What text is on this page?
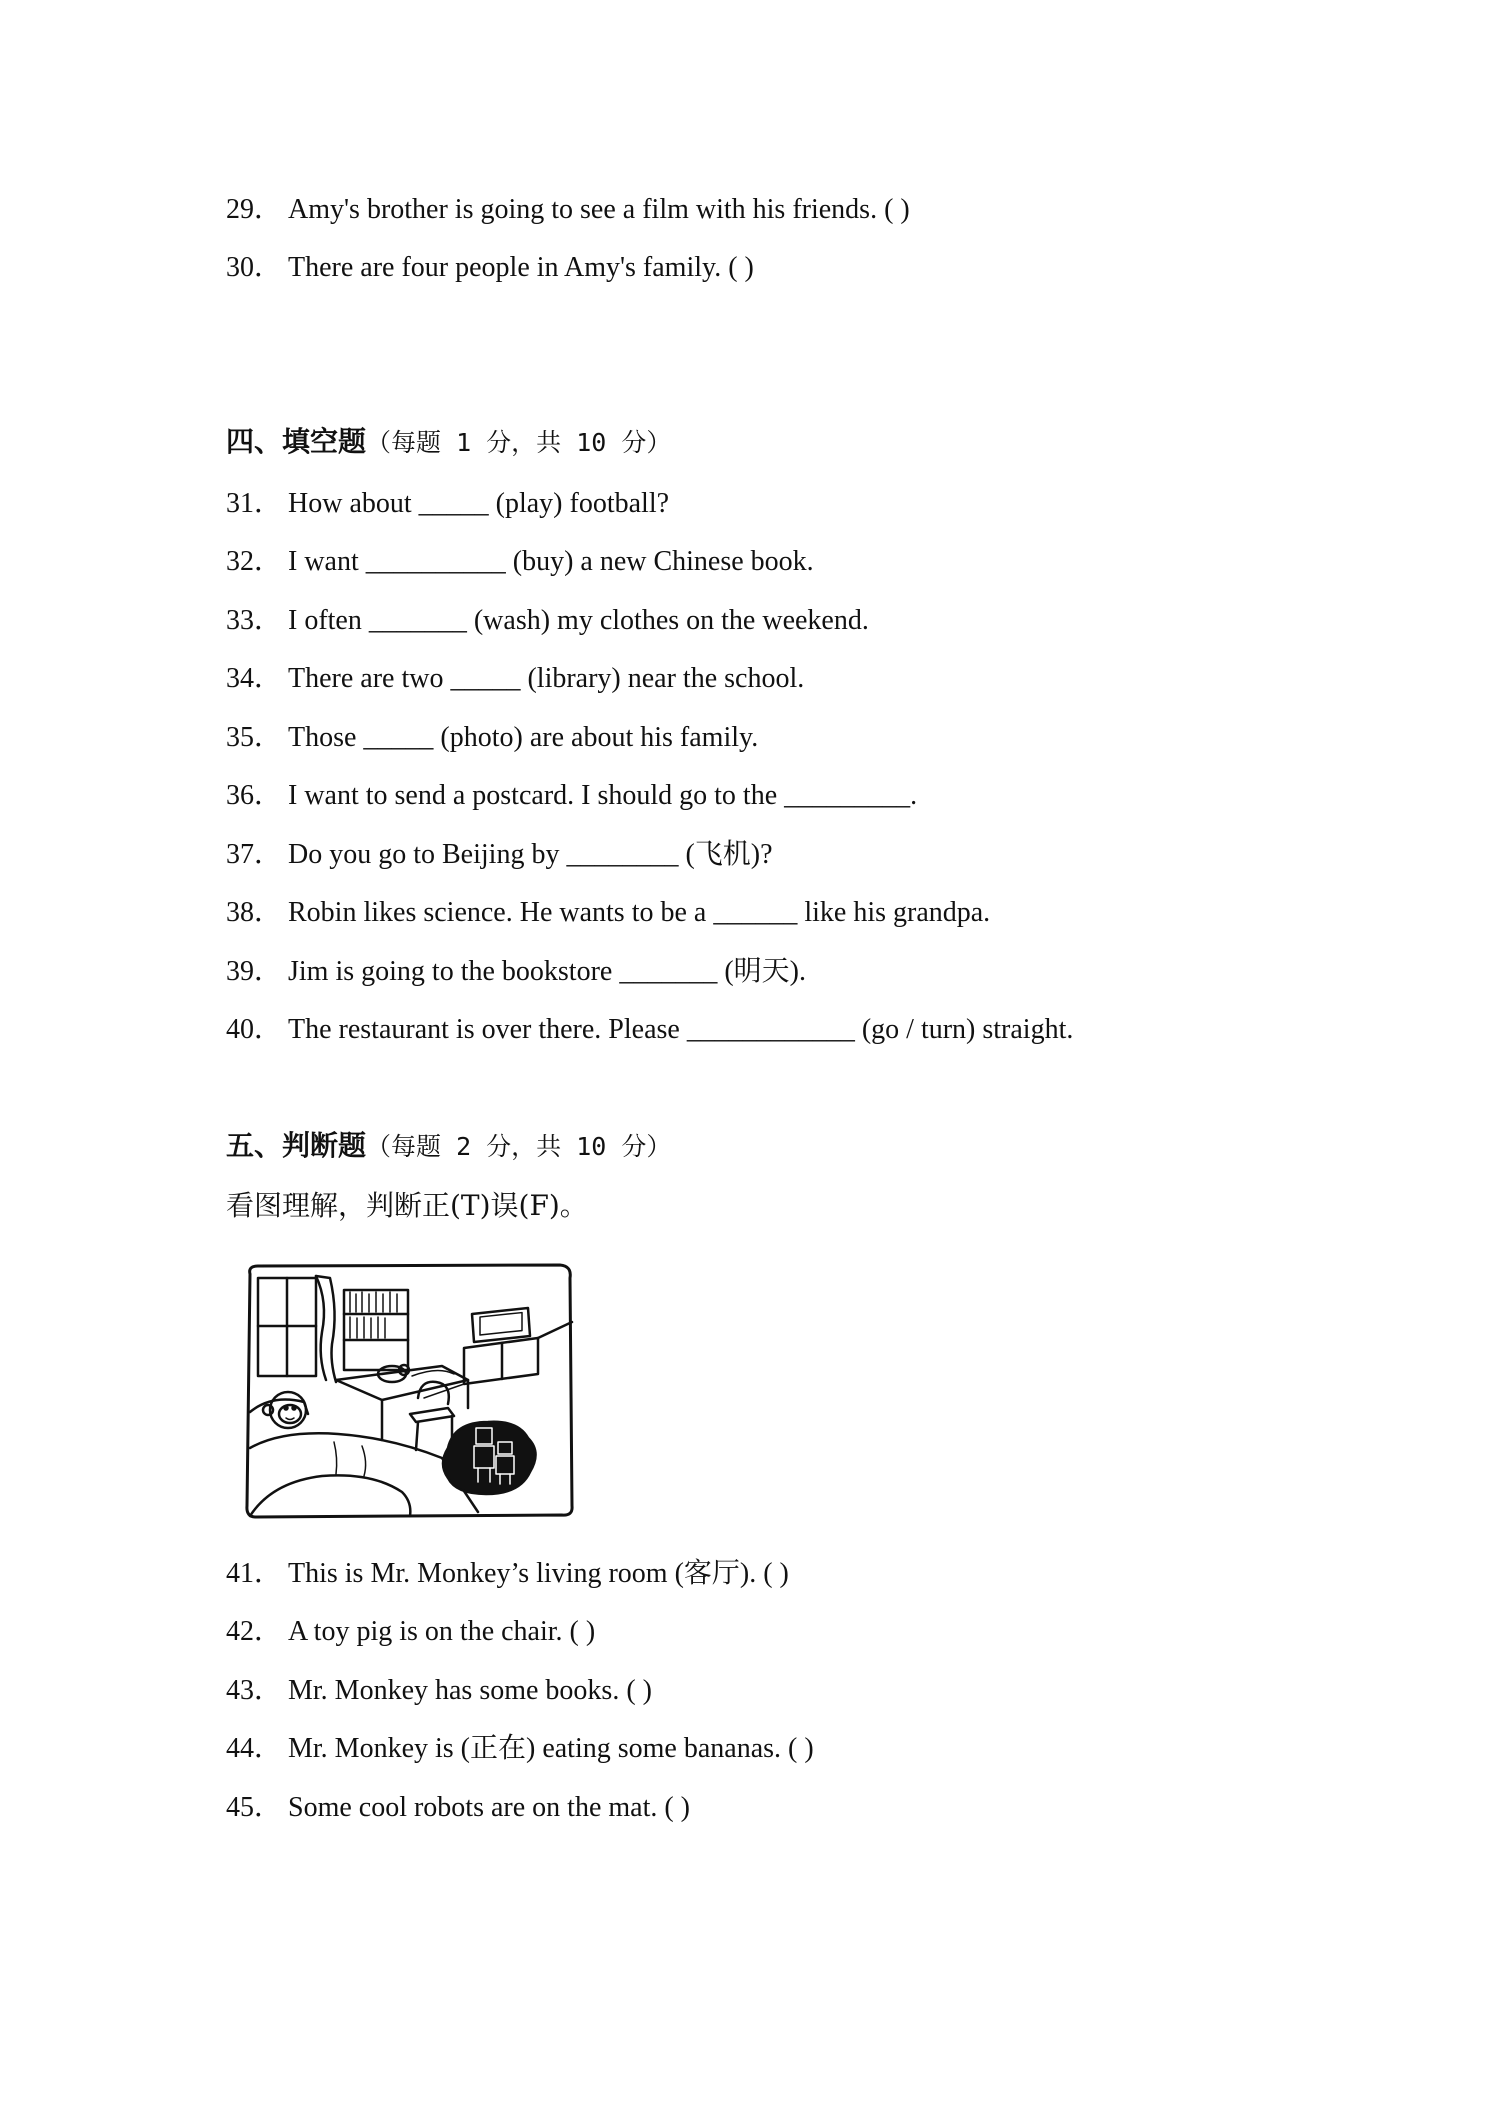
29． Amy's brother is going to see a film with his friends. ( )
30． There are four people in Amy's family. ( )
四、填空题（每题 1 分，共 10 分）
31． How about _____ (play) football?
32． I want __________ (buy) a new Chinese book.
33． I often _______ (wash) my clothes on the weekend.
34． There are two _____ (library) near the school.
35． Those _____ (photo) are about his family.
36． I want to send a postcard. I should go to the _________.
37． Do you go to Beijing by ________ (飞机)?
38． Robin likes science. He wants to be a ______ like his grandpa.
39． Jim is going to the bookstore _______ (明天).
40． The restaurant is over there. Please ____________ (go / turn) straight.
五、判断题（每题 2 分，共 10 分）
看图理解，判断正(T)误(F)。
41． This is Mr. Monkey’s living room (客厅). ( )
42． A toy pig is on the chair. ( )
43． Mr. Monkey has some books. ( )
44． Mr. Monkey is (正在) eating some bananas. ( )
45． Some cool robots are on the mat. ( )
